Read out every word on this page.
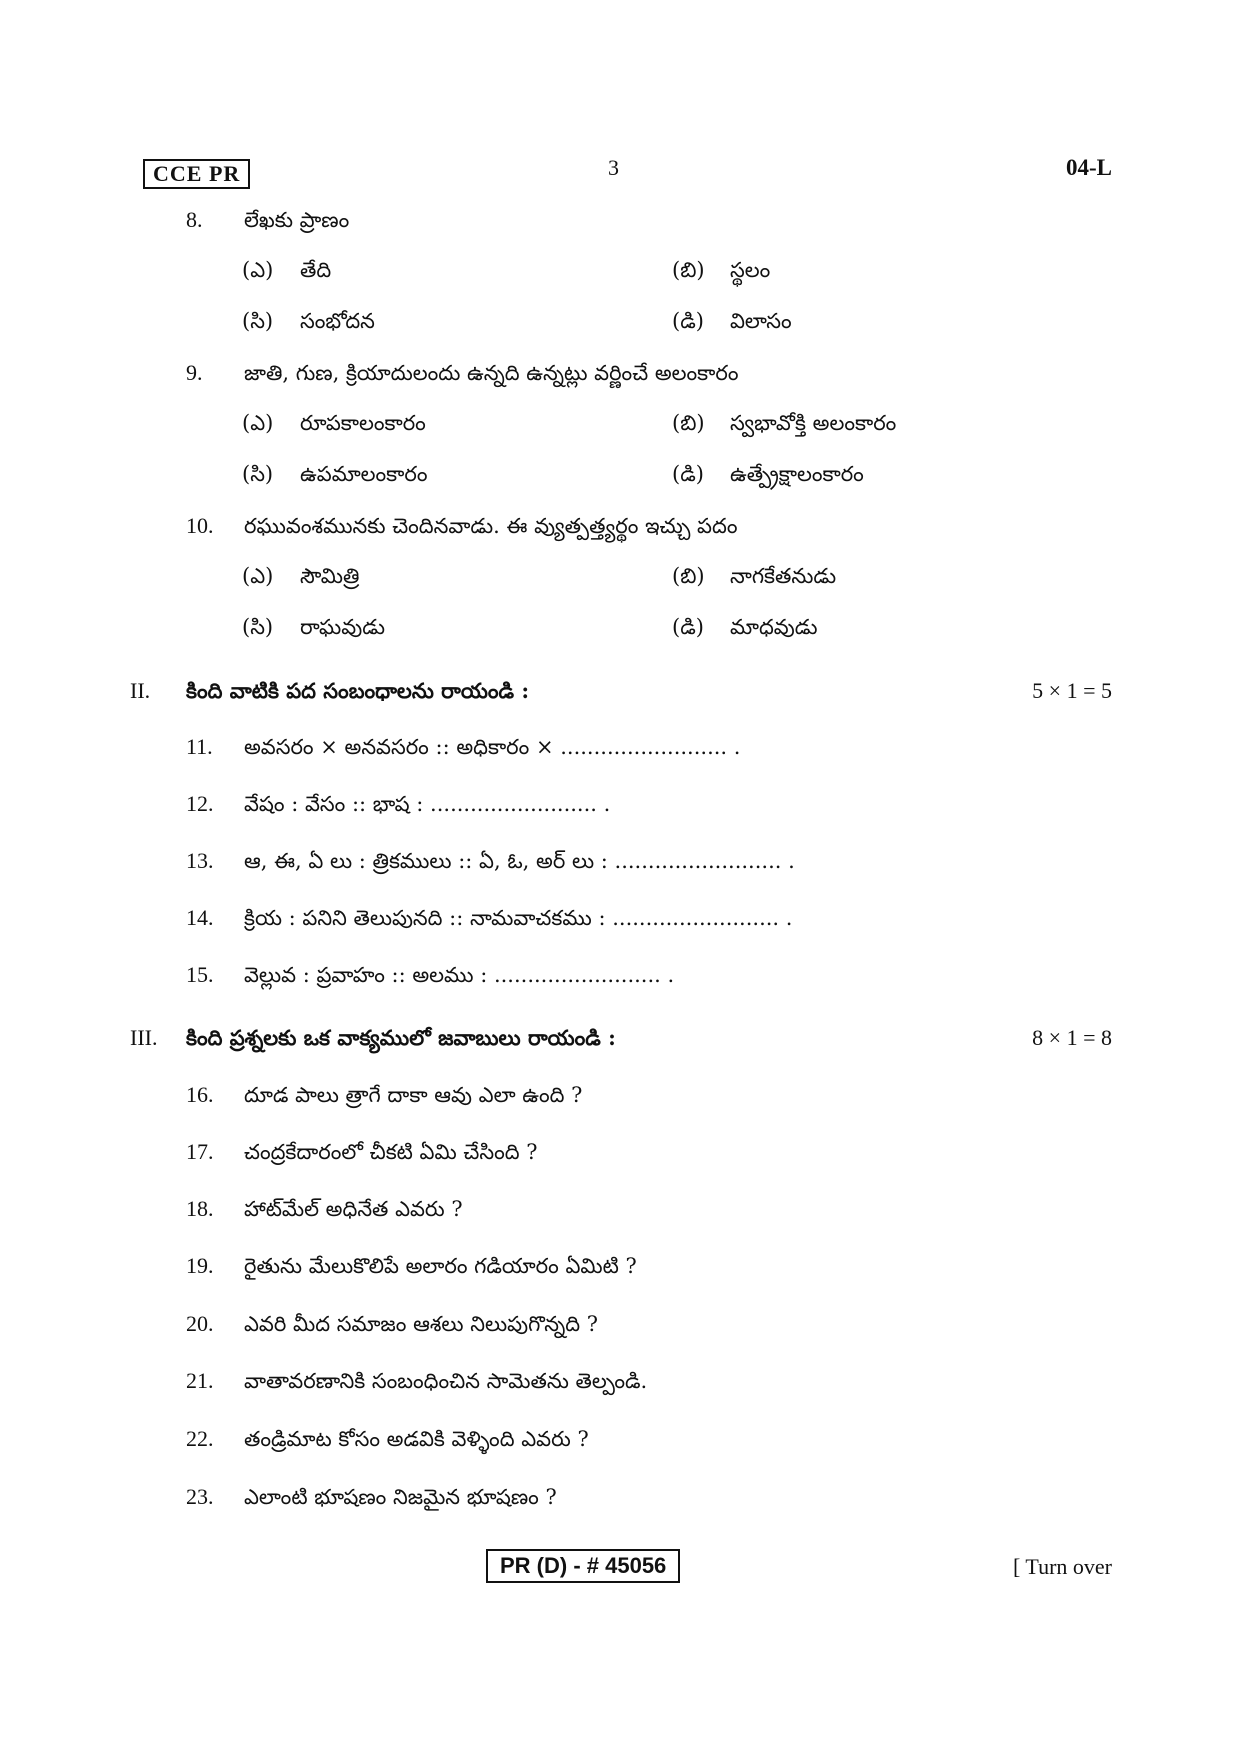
CCE PR	3	04-L
8. లేఖకు ప్రాణం
(ఎ) తేది	(బి) స్థలం
(సి) సంభోదన	(డి) విలాసం
9. జాతి, గుణ, క్రియాదులందు ఉన్నది ఉన్నట్లు వర్ణించే అలంకారం
(ఎ) రూపకాలంకారం	(బి) స్వభావోక్తి అలంకారం
(సి) ఉపమాలంకారం	(డి) ఉత్ప్రేక్షాలంకారం
10. రఘువంశమునకు చెందినవాడు. ఈ వ్యుత్పత్త్యర్థం ఇచ్చు పదం
(ఎ) సౌమిత్రి	(బి) నాగకేతనుడు
(సి) రాఘవుడు	(డి) మాధవుడు
II. కింది వాటికి పద సంబంధాలను రాయండి :	5 × 1 = 5
11. అవసరం × అనవసరం :: అధికారం × ......................... .
12. వేషం : వేసం :: భాష : ......................... .
13. ఆ, ఈ, ఏ లు : త్రికములు :: ఏ, ఓ, అర్ లు : ......................... .
14. క్రియ : పనిని తెలుపునది :: నామవాచకము : ......................... .
15. వెల్లువ : ప్రవాహం :: అలము : ......................... .
III. కింది ప్రశ్నలకు ఒక వాక్యములో జవాబులు రాయండి :	8 × 1 = 8
16. దూడ పాలు త్రాగే దాకా ఆవు ఎలా ఉంది ?
17. చంద్రకేదారంలో చీకటి ఏమి చేసింది ?
18. హాట్‌మేల్ అధినేత ఎవరు ?
19. రైతును మేలుకొలిపే అలారం గడియారం ఏమిటి ?
20. ఎవరి మీద సమాజం ఆశలు నిలుపుగొన్నది ?
21. వాతావరణానికి సంబంధించిన సామెతను తెల్పండి.
22. తండ్రిమాట కోసం అడవికి వెళ్ళింది ఎవరు ?
23. ఎలాంటి భూషణం నిజమైన భూషణం ?
PR (D) - # 45056	[ Turn over
